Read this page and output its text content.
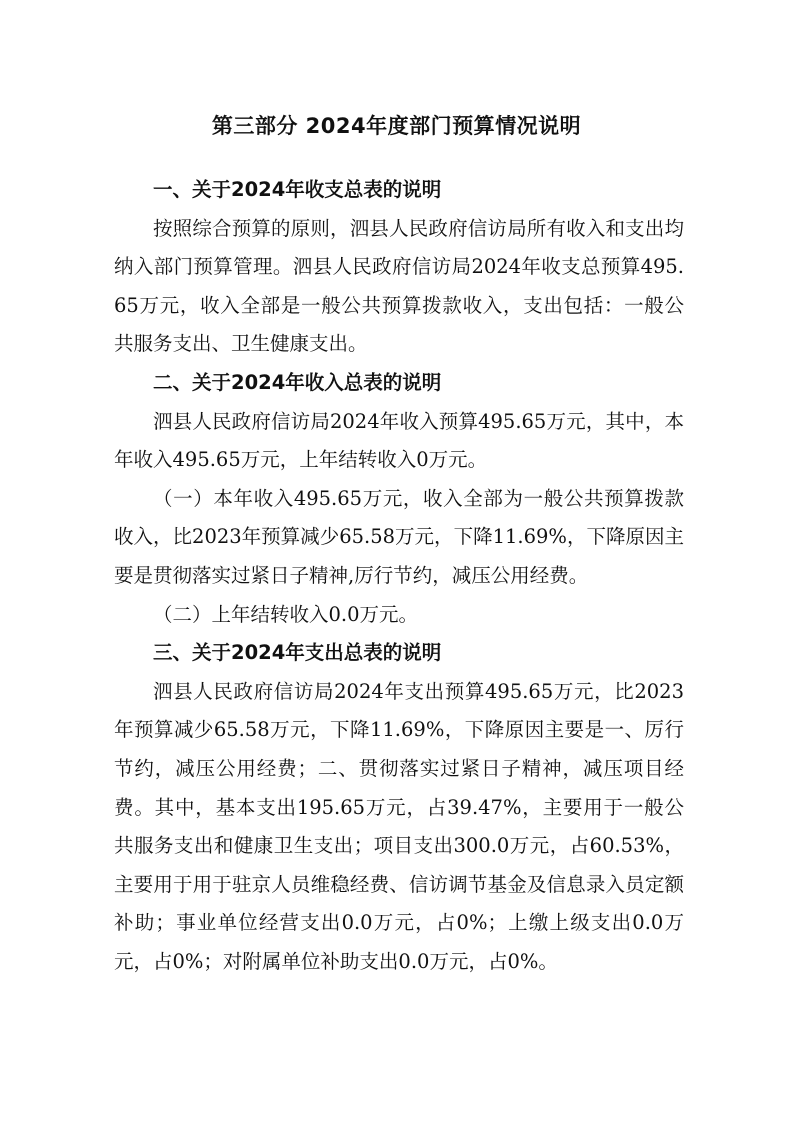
第三部分 2024年度部门预算情况说明
一、关于2024年收支总表的说明

按照综合预算的原则，泗县人民政府信访局所有收入和支出均纳入部门预算管理。泗县人民政府信访局2024年收支总预算495.65万元，收入全部是一般公共预算拨款收入，支出包括：一般公共服务支出、卫生健康支出。

二、关于2024年收入总表的说明

泗县人民政府信访局2024年收入预算495.65万元，其中，本年收入495.65万元，上年结转收入0万元。

（一）本年收入495.65万元，收入全部为一般公共预算拨款收入，比2023年预算减少65.58万元，下降11.69%，下降原因主要是贯彻落实过紧日子精神,厉行节约，减压公用经费。

（二）上年结转收入0.0万元。

三、关于2024年支出总表的说明

泗县人民政府信访局2024年支出预算495.65万元，比2023年预算减少65.58万元，下降11.69%，下降原因主要是一、厉行节约，减压公用经费；二、贯彻落实过紧日子精神，减压项目经费。其中，基本支出195.65万元，占39.47%，主要用于一般公共服务支出和健康卫生支出；项目支出300.0万元，占60.53%，主要用于用于驻京人员维稳经费、信访调节基金及信息录入员定额补助；事业单位经营支出0.0万元，占0%；上缴上级支出0.0万元，占0%；对附属单位补助支出0.0万元，占0%。
